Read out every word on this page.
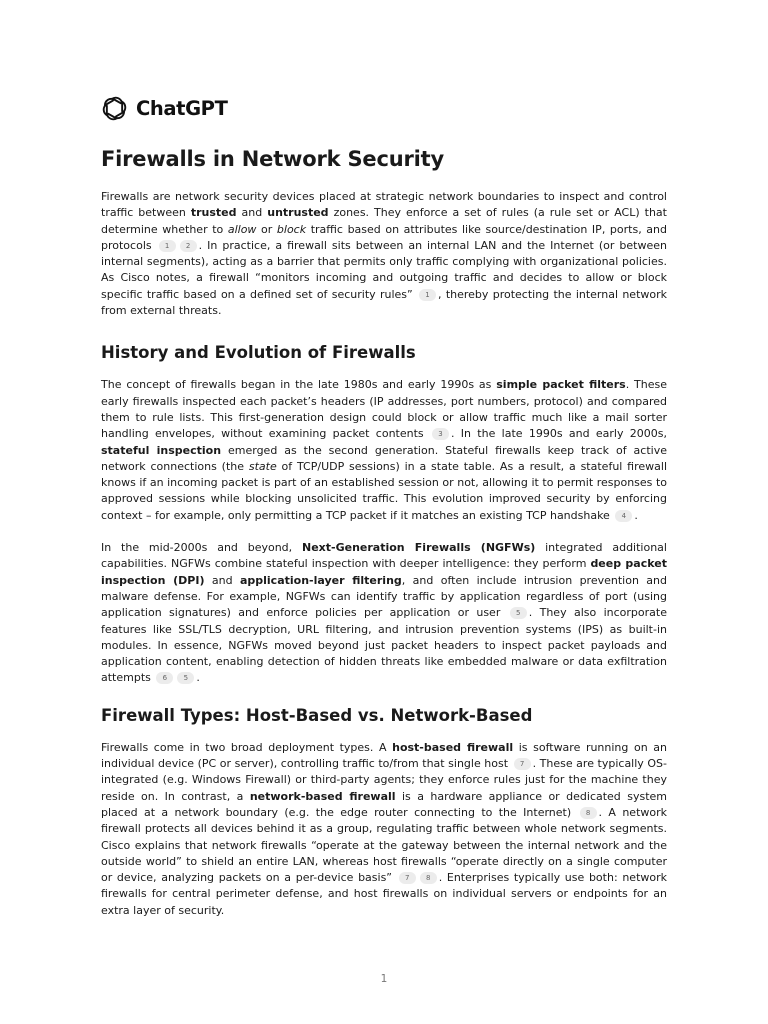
ChatGPT
Firewalls in Network Security

Firewalls are network security devices placed at strategic network boundaries to inspect and control traffic between trusted and untrusted zones. They enforce a set of rules (a rule set or ACL) that determine whether to allow or block traffic based on attributes like source/destination IP, ports, and protocols 1 2 . In practice, a firewall sits between an internal LAN and the Internet (or between internal segments), acting as a barrier that permits only traffic complying with organizational policies. As Cisco notes, a firewall “monitors incoming and outgoing traffic and decides to allow or block specific traffic based on a defined set of security rules” 1 , thereby protecting the internal network from external threats.

History and Evolution of Firewalls

The concept of firewalls began in the late 1980s and early 1990s as simple packet filters. These early firewalls inspected each packet’s headers (IP addresses, port numbers, protocol) and compared them to rule lists. This first-generation design could block or allow traffic much like a mail sorter handling envelopes, without examining packet contents 3 . In the late 1990s and early 2000s, stateful inspection emerged as the second generation. Stateful firewalls keep track of active network connections (the state of TCP/UDP sessions) in a state table. As a result, a stateful firewall knows if an incoming packet is part of an established session or not, allowing it to permit responses to approved sessions while blocking unsolicited traffic. This evolution improved security by enforcing context – for example, only permitting a TCP packet if it matches an existing TCP handshake 4 .

In the mid-2000s and beyond, Next-Generation Firewalls (NGFWs) integrated additional capabilities. NGFWs combine stateful inspection with deeper intelligence: they perform deep packet inspection (DPI) and application-layer filtering, and often include intrusion prevention and malware defense. For example, NGFWs can identify traffic by application regardless of port (using application signatures) and enforce policies per application or user 5 . They also incorporate features like SSL/TLS decryption, URL filtering, and intrusion prevention systems (IPS) as built-in modules. In essence, NGFWs moved beyond just packet headers to inspect packet payloads and application content, enabling detection of hidden threats like embedded malware or data exfiltration attempts 6 5 .

Firewall Types: Host-Based vs. Network-Based

Firewalls come in two broad deployment types. A host-based firewall is software running on an individual device (PC or server), controlling traffic to/from that single host 7 . These are typically OS-integrated (e.g. Windows Firewall) or third-party agents; they enforce rules just for the machine they reside on. In contrast, a network-based firewall is a hardware appliance or dedicated system placed at a network boundary (e.g. the edge router connecting to the Internet) 8 . A network firewall protects all devices behind it as a group, regulating traffic between whole network segments. Cisco explains that network firewalls “operate at the gateway between the internal network and the outside world” to shield an entire LAN, whereas host firewalls “operate directly on a single computer or device, analyzing packets on a per-device basis” 7 8 . Enterprises typically use both: network firewalls for central perimeter defense, and host firewalls on individual servers or endpoints for an extra layer of security.

1
